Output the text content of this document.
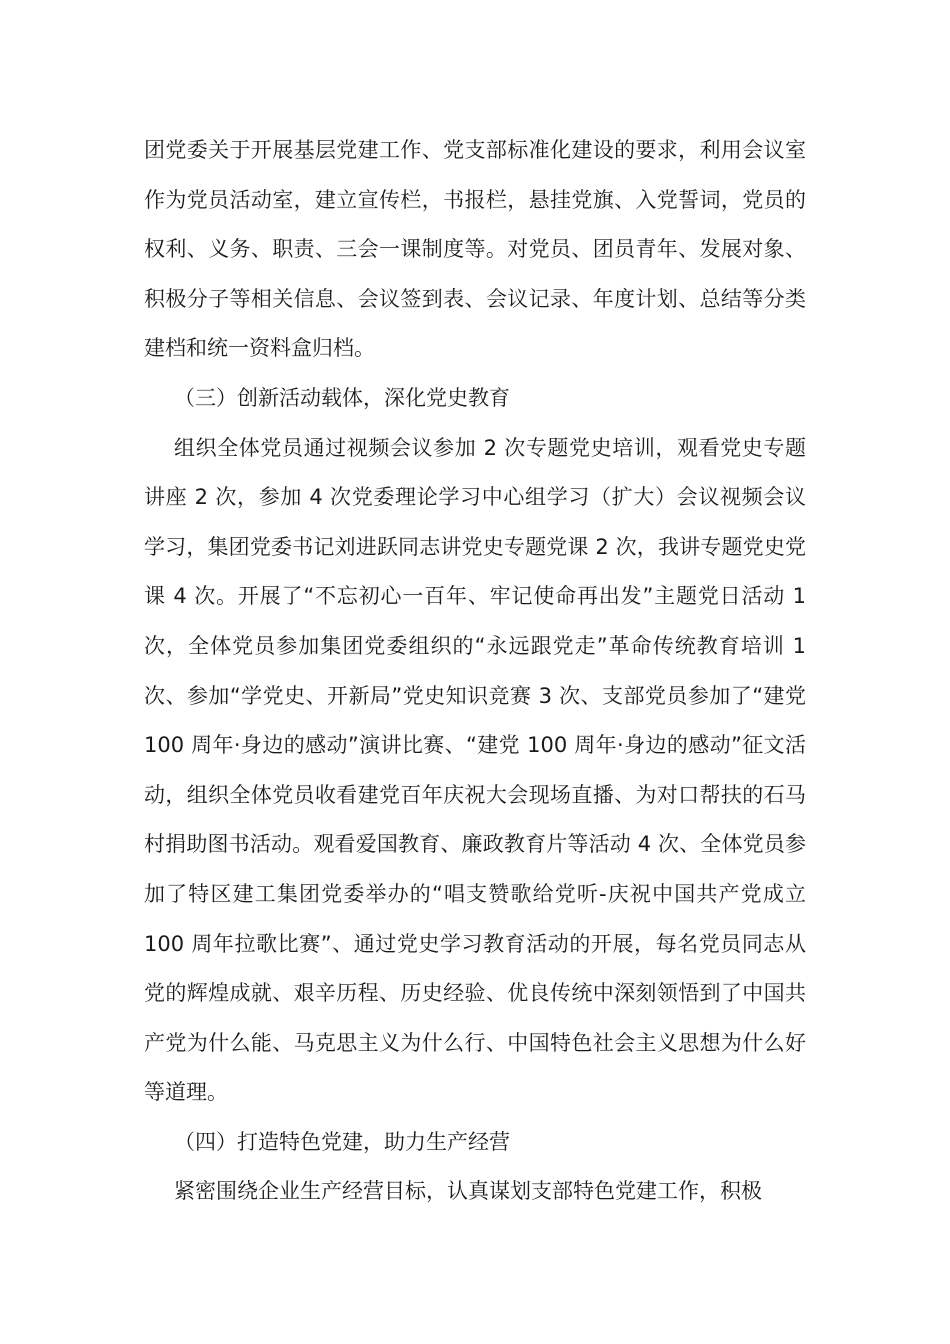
团党委关于开展基层党建工作、党支部标准化建设的要求，利用会议室作为党员活动室，建立宣传栏，书报栏，悬挂党旗、入党誓词，党员的权利、义务、职责、三会一课制度等。对党员、团员青年、发展对象、积极分子等相关信息、会议签到表、会议记录、年度计划、总结等分类建档和统一资料盒归档。

（三）创新活动载体，深化党史教育

组织全体党员通过视频会议参加 2 次专题党史培训，观看党史专题讲座 2 次，参加 4 次党委理论学习中心组学习（扩大）会议视频会议学习，集团党委书记刘进跃同志讲党史专题党课 2 次，我讲专题党史党课 4 次。开展了“不忘初心一百年、牢记使命再出发”主题党日活动 1 次，全体党员参加集团党委组织的“永远跟党走”革命传统教育培训 1 次、参加“学党史、开新局”党史知识竞赛 3 次、支部党员参加了“建党 100 周年·身边的感动”演讲比赛、“建党 100 周年·身边的感动”征文活动，组织全体党员收看建党百年庆祝大会现场直播、为对口帮扶的石马村捐助图书活动。观看爱国教育、廉政教育片等活动 4 次、全体党员参加了特区建工集团党委举办的“唱支赞歌给党听-庆祝中国共产党成立 100 周年拉歌比赛”、通过党史学习教育活动的开展，每名党员同志从党的辉煌成就、艰辛历程、历史经验、优良传统中深刻领悟到了中国共产党为什么能、马克思主义为什么行、中国特色社会主义思想为什么好等道理。

（四）打造特色党建，助力生产经营

紧密围绕企业生产经营目标，认真谋划支部特色党建工作，积极
